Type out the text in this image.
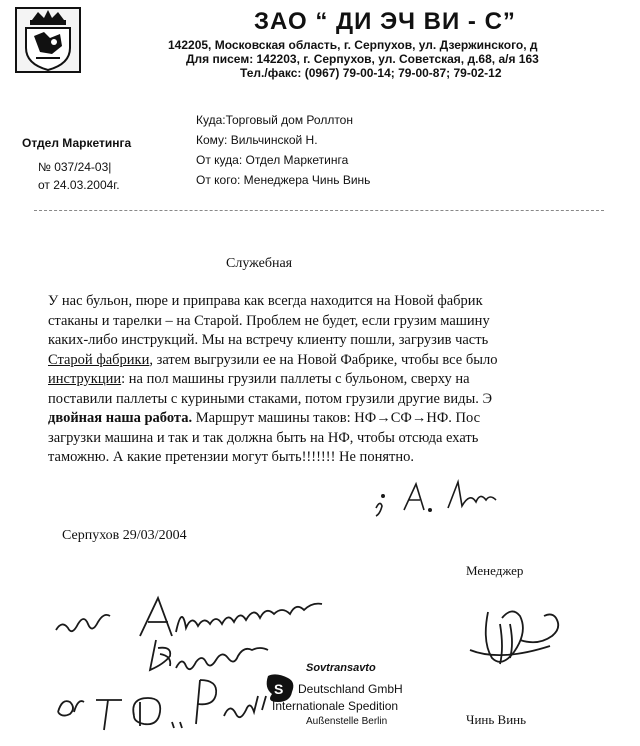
ЗАО “ ДИ ЭЧ ВИ - С”
142205, Московская область, г. Серпухов, ул. Дзержинского, д
Для писем: 142203, г. Серпухов, ул. Советская, д.68, а/я 163
Тел./факс: (0967) 79-00-14; 79-00-87; 79-02-12
Отдел Маркетинга
№ 037/24-03|
от 24.03.2004г.
Куда:Торговый дом Роллтон
Кому: Вильчинской Н.
От куда: Отдел Маркетинга
От кого: Менеджера Чинь Винь
Служебная
У нас бульон, пюре и приправа как всегда находится на Новой фабрик
стаканы и тарелки – на Старой. Проблем не будет, если грузим машину
каких-либо инструкций. Мы на встречу клиенту пошли, загрузив часть
Старой фабрики, затем выгрузили ее на Новой Фабрике, чтобы все было
инструкции: на пол машины грузили паллеты с бульоном, сверху на
поставили паллеты с куриными стаками, потом грузили другие виды. Э
двойная наша работа. Маршрут машины таков: НФ→СФ→НФ. Пос
загрузки машина и так и так должна быть на НФ, чтобы отсюда ехать
таможню. А какие претензии могут быть!!!!!!! Не понятно.
Серпухов 29/03/2004
Менеджер
Чинь Винь
S
Sovtransavto
Deutschland GmbH
Internationale Spedition
Außenstelle Berlin
